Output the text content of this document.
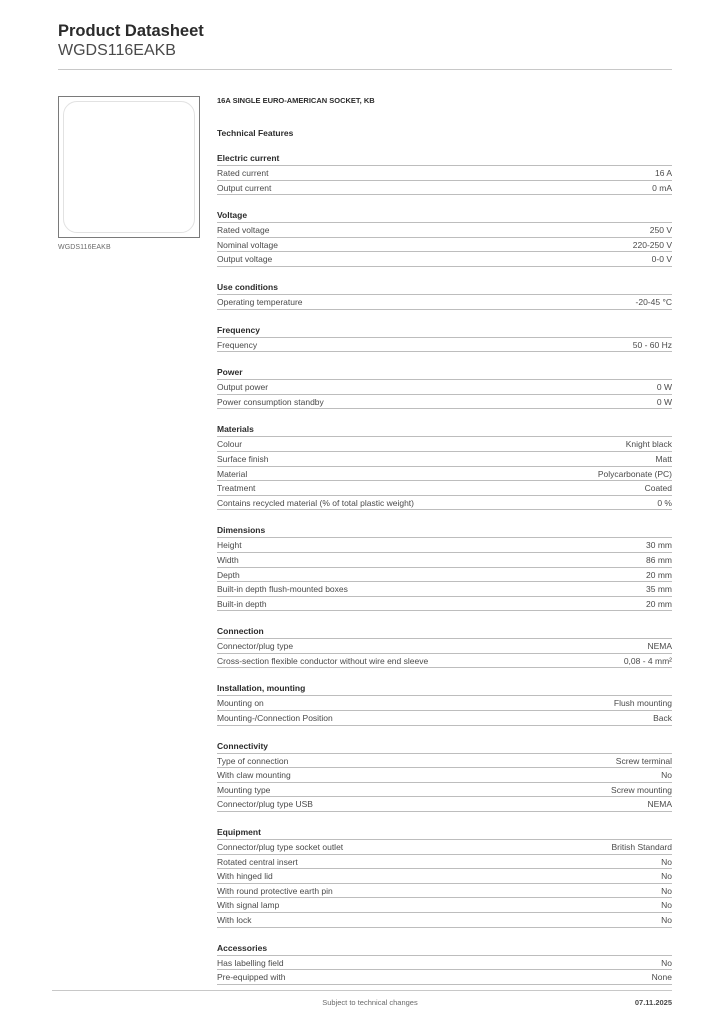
Product Datasheet

WGDS116EAKB

WGDS116EAKB

16A SINGLE EURO-AMERICAN SOCKET, KB

Technical Features

Electric current
Rated current	16 A
Output current	0 mA
Voltage
Rated voltage	250 V
Nominal voltage	220-250 V
Output voltage	0-0 V
Use conditions
Operating temperature	-20-45 °C
Frequency
Frequency	50 - 60 Hz
Power
Output power	0 W
Power consumption standby	0 W
Materials
Colour	Knight black
Surface finish	Matt
Material	Polycarbonate (PC)
Treatment	Coated
Contains recycled material (% of total plastic weight)	0 %
Dimensions
Height	30 mm
Width	86 mm
Depth	20 mm
Built-in depth flush-mounted boxes	35 mm
Built-in depth	20 mm
Connection
Connector/plug type	NEMA
Cross-section flexible conductor without wire end sleeve	0,08 - 4 mm²
Installation, mounting
Mounting on	Flush mounting
Mounting-/Connection Position	Back
Connectivity
Type of connection	Screw terminal
With claw mounting	No
Mounting type	Screw mounting
Connector/plug type USB	NEMA
Equipment
Connector/plug type socket outlet	British Standard
Rotated central insert	No
With hinged lid	No
With round protective earth pin	No
With signal lamp	No
With lock	No
Accessories
Has labelling field	No
Pre-equipped with	None
Subject to technical changes	07.11.2025
